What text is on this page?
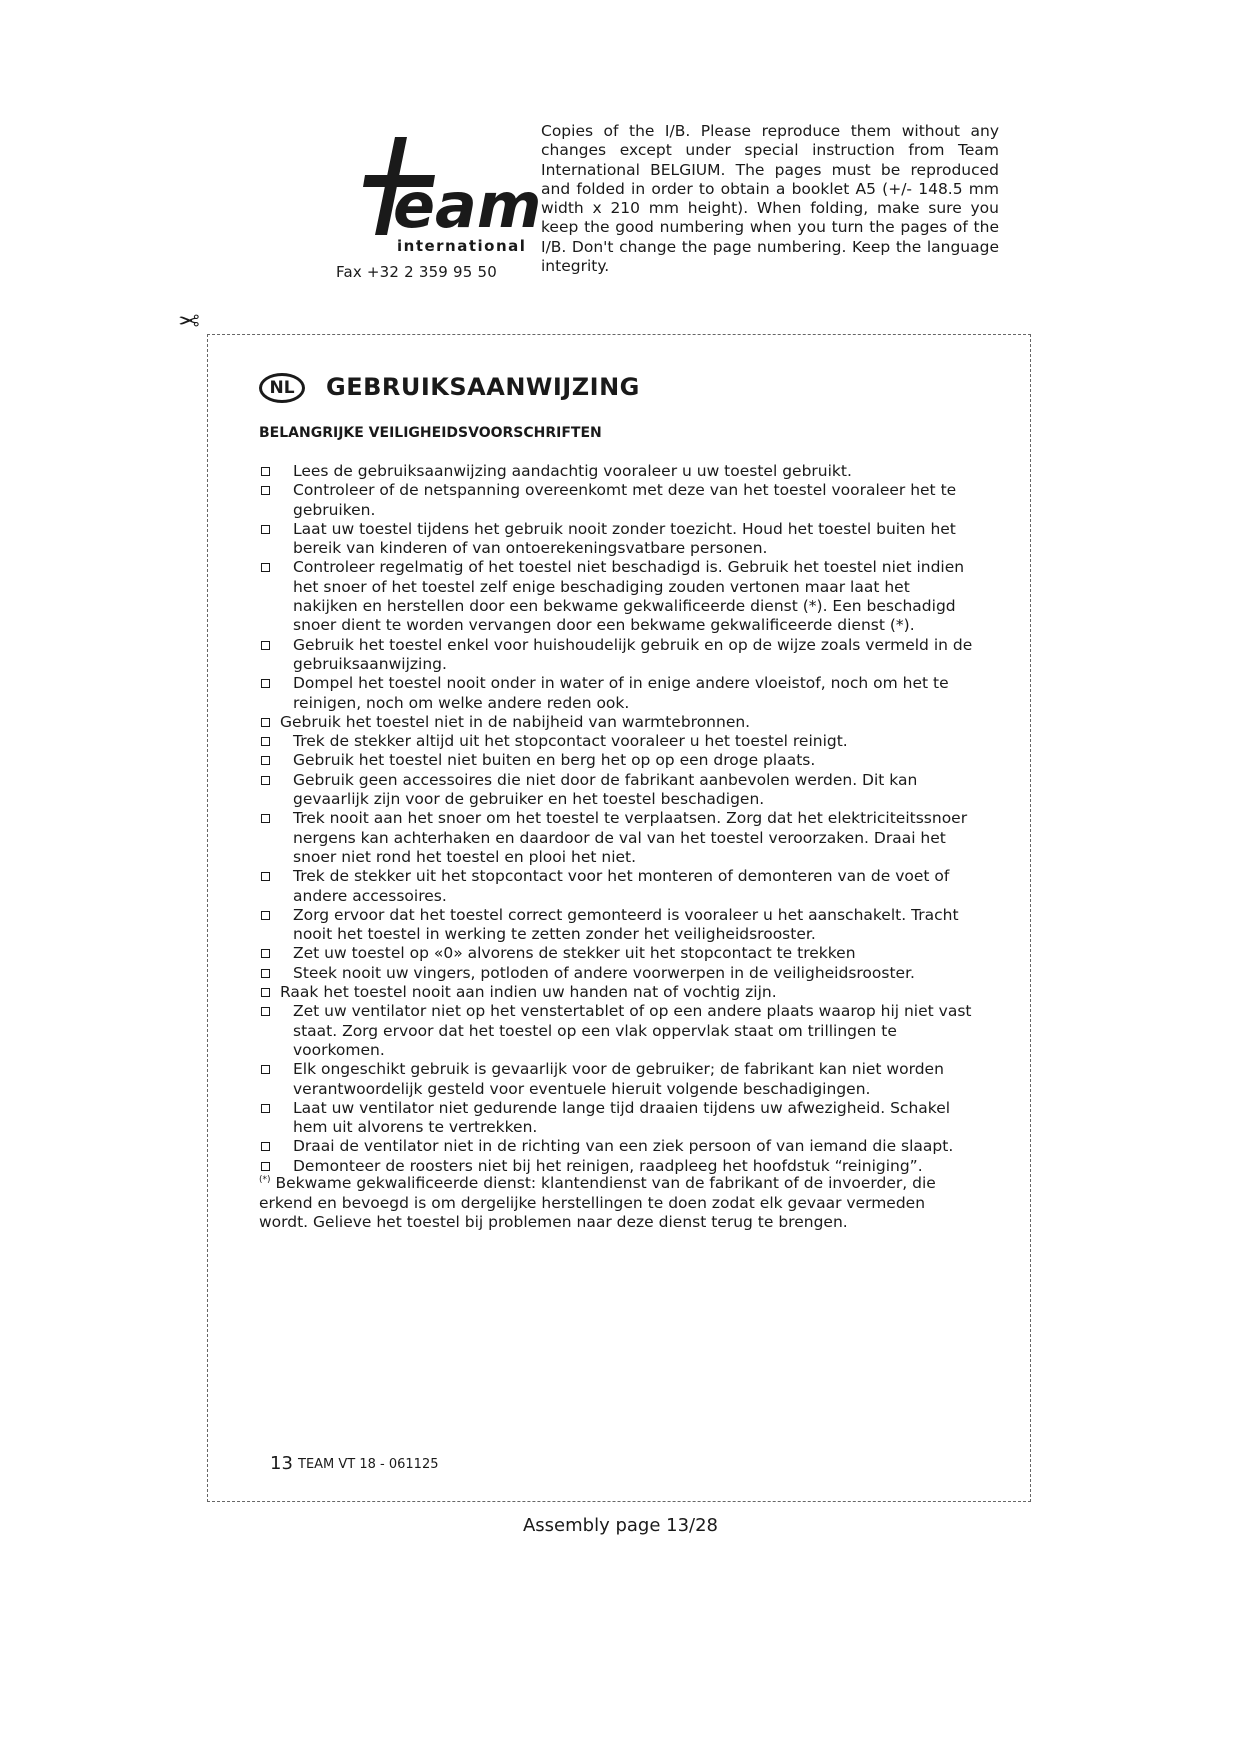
eam
international
Fax +32 2 359 95 50
Copies of the I/B. Please reproduce them without any changes except under special instruction from Team International BELGIUM. The pages must be reproduced and folded in order to obtain a booklet A5 (+/- 148.5 mm width x 210 mm height). When folding, make sure you keep the good numbering when you turn the pages of the I/B. Don't change the page numbering. Keep the language integrity.
✂
NL	GEBRUIKSAANWIJZING
BELANGRIJKE VEILIGHEIDSVOORSCHRIFTEN
Lees de gebruiksaanwijzing aandachtig vooraleer u uw toestel gebruikt.
Controleer of de netspanning overeenkomt met deze van het toestel vooraleer het te gebruiken.
Laat uw toestel tijdens het gebruik nooit zonder toezicht. Houd het toestel buiten het bereik van kinderen of van ontoerekeningsvatbare personen.
Controleer regelmatig of het toestel niet beschadigd is. Gebruik het toestel niet indien het snoer of het toestel zelf enige beschadiging zouden vertonen maar laat het nakijken en herstellen door een bekwame gekwalificeerde dienst (*). Een beschadigd snoer dient te worden vervangen door een bekwame gekwalificeerde dienst (*).
Gebruik het toestel enkel voor huishoudelijk gebruik en op de wijze zoals vermeld in de gebruiksaanwijzing.
Dompel het toestel nooit onder in water of in enige andere vloeistof, noch om het te reinigen, noch om welke andere reden ook.
Gebruik het toestel niet in de nabijheid van warmtebronnen.
Trek de stekker altijd uit het stopcontact vooraleer u het toestel reinigt.
Gebruik het toestel niet buiten en berg het op op een droge plaats.
Gebruik geen accessoires die niet door de fabrikant aanbevolen werden. Dit kan gevaarlijk zijn voor de gebruiker en het toestel beschadigen.
Trek nooit aan het snoer om het toestel te verplaatsen. Zorg dat het elektriciteitssnoer nergens kan achterhaken en daardoor de val van het toestel veroorzaken. Draai het snoer niet rond het toestel en plooi het niet.
Trek de stekker uit het stopcontact voor het monteren of demonteren van de voet of andere accessoires.
Zorg ervoor dat het toestel correct gemonteerd is vooraleer u het aanschakelt. Tracht nooit het toestel in werking te zetten zonder het veiligheidsrooster.
Zet uw toestel op «0» alvorens de stekker uit het stopcontact te trekken
Steek nooit uw vingers, potloden of andere voorwerpen in de veiligheidsrooster.
Raak het toestel nooit aan indien uw handen nat of vochtig zijn.
Zet uw ventilator niet op het venstertablet of op een andere plaats waarop hij niet vast staat. Zorg ervoor dat het toestel op een vlak oppervlak staat om trillingen te voorkomen.
Elk ongeschikt gebruik is gevaarlijk voor de gebruiker; de fabrikant kan niet worden verantwoordelijk gesteld voor eventuele hieruit volgende beschadigingen.
Laat uw ventilator niet gedurende lange tijd draaien tijdens uw afwezigheid. Schakel hem uit alvorens te vertrekken.
Draai de ventilator niet in de richting van een ziek persoon of van iemand die slaapt.
Demonteer de roosters niet bij het reinigen, raadpleeg het hoofdstuk “reiniging”.
(*) Bekwame gekwalificeerde dienst: klantendienst van de fabrikant of de invoerder, die erkend en bevoegd is om dergelijke herstellingen te doen zodat elk gevaar vermeden wordt. Gelieve het toestel bij problemen naar deze dienst terug te brengen.
13 TEAM VT 18 - 061125
Assembly page 13/28
